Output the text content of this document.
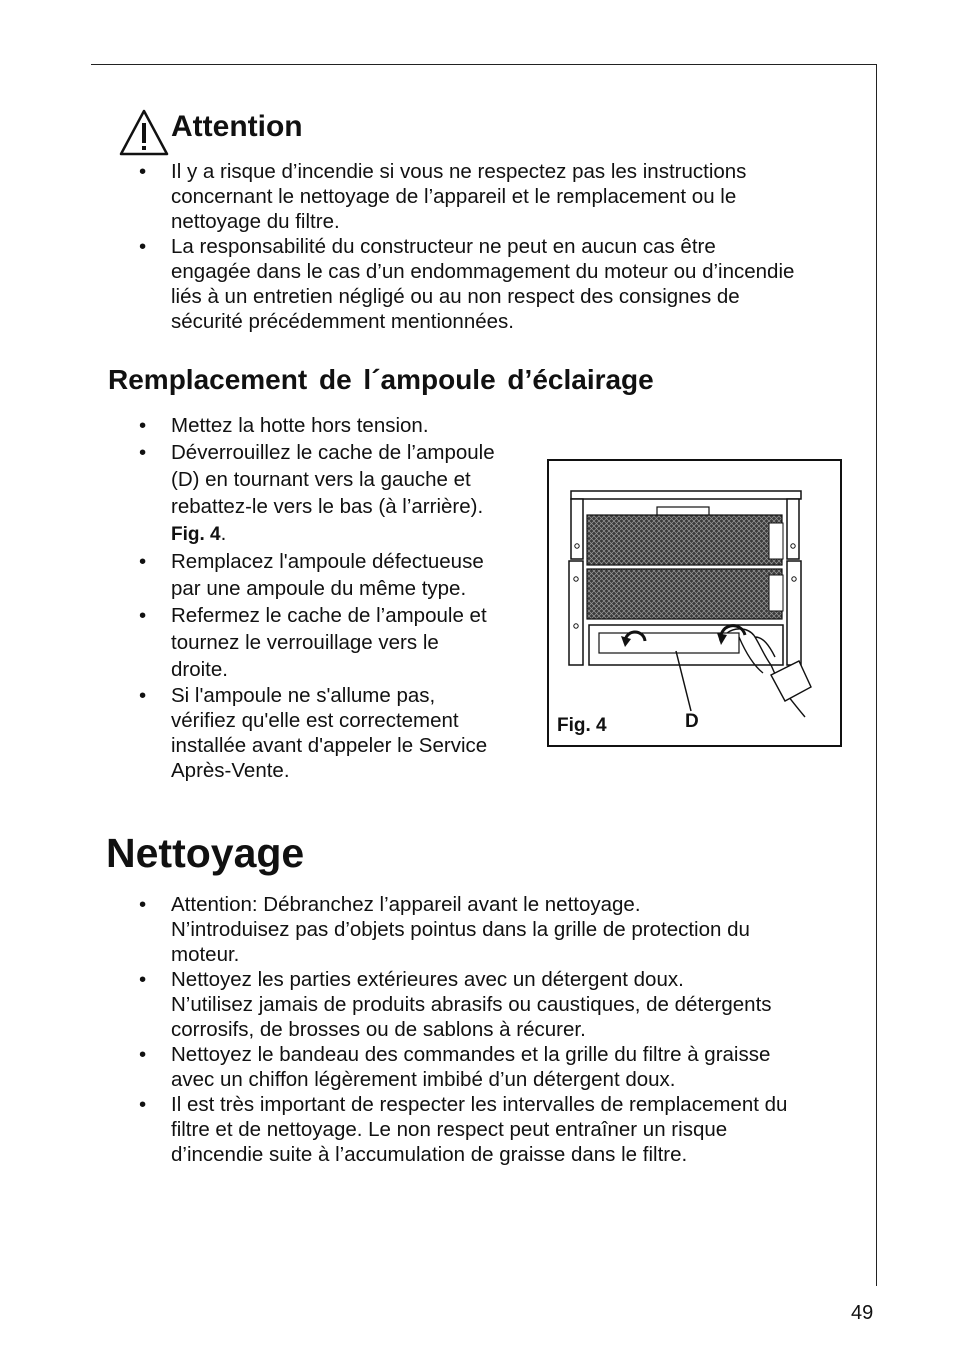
Attention
• Il y a risque d’incendie si vous ne respectez pas les instructions
concernant le nettoyage de l’appareil et le remplacement ou le
nettoyage du filtre.
• La responsabilité du constructeur ne peut en aucun cas être
engagée dans le cas d’un endommagement du moteur ou d’incendie
liés à un entretien négligé ou au non respect des consignes de
sécurité précédemment mentionnées.
Remplacement de l´ampoule d’éclairage
• Mettez la hotte hors tension.
• Déverrouillez le cache de l’ampoule
(D) en tournant vers la gauche et
rebattez-le vers le bas (à l’arrière).
Fig. 4.
• Remplacez l'ampoule défectueuse
par une ampoule du même type.
• Refermez le cache de l’ampoule et
tournez le verrouillage vers le
droite.
• Si l'ampoule ne s'allume pas,
vérifiez qu'elle est correctement
installée avant d'appeler le Service
Après-Vente.
Fig. 4	D
Nettoyage
• Attention: Débranchez l’appareil avant le nettoyage.
N’introduisez pas d’objets pointus dans la grille de protection du
moteur.
• Nettoyez les parties extérieures avec un détergent doux.
N’utilisez jamais de produits abrasifs ou caustiques, de détergents
corrosifs, de brosses ou de sablons à récurer.
• Nettoyez le bandeau des commandes et la grille du filtre à graisse
avec un chiffon légèrement imbibé d’un détergent doux.
• Il est très important de respecter les intervalles de remplacement du
filtre et de nettoyage. Le non respect peut entraîner un risque
d’incendie suite à l’accumulation de graisse dans le filtre.
49
